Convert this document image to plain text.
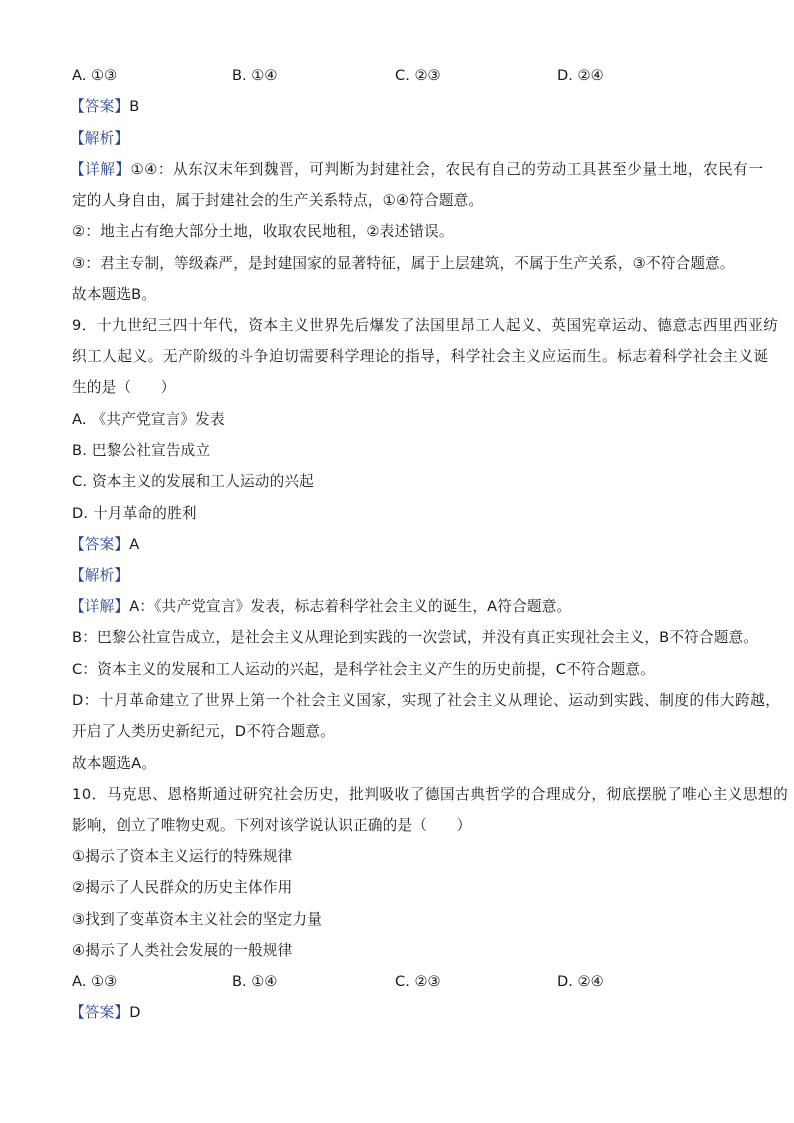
A. ①③	B. ①④	C. ②③	D. ②④

【答案】B

【解析】

【详解】①④：从东汉末年到魏晋，可判断为封建社会，农民有自己的劳动工具甚至少量土地，农民有一

定的人身自由，属于封建社会的生产关系特点，①④符合题意。

②：地主占有绝大部分土地，收取农民地租，②表述错误。

③：君主专制，等级森严，是封建国家的显著特征，属于上层建筑，不属于生产关系，③不符合题意。

故本题选B。

9．十九世纪三四十年代，资本主义世界先后爆发了法国里昂工人起义、英国宪章运动、德意志西里西亚纺

织工人起义。无产阶级的斗争迫切需要科学理论的指导，科学社会主义应运而生。标志着科学社会主义诞

生的是（　　）

A. 《共产党宣言》发表

B. 巴黎公社宣告成立

C. 资本主义的发展和工人运动的兴起

D. 十月革命的胜利

【答案】A

【解析】

【详解】A：《共产党宣言》发表，标志着科学社会主义的诞生，A符合题意。

B：巴黎公社宣告成立，是社会主义从理论到实践的一次尝试，并没有真正实现社会主义，B不符合题意。

C：资本主义的发展和工人运动的兴起，是科学社会主义产生的历史前提，C不符合题意。

D：十月革命建立了世界上第一个社会主义国家，实现了社会主义从理论、运动到实践、制度的伟大跨越，

开启了人类历史新纪元，D不符合题意。

故本题选A。

10．马克思、恩格斯通过研究社会历史，批判吸收了德国古典哲学的合理成分，彻底摆脱了唯心主义思想的

影响，创立了唯物史观。下列对该学说认识正确的是（　　）

①揭示了资本主义运行的特殊规律

②揭示了人民群众的历史主体作用

③找到了变革资本主义社会的坚定力量

④揭示了人类社会发展的一般规律

A. ①③	B. ①④	C. ②③	D. ②④

【答案】D
